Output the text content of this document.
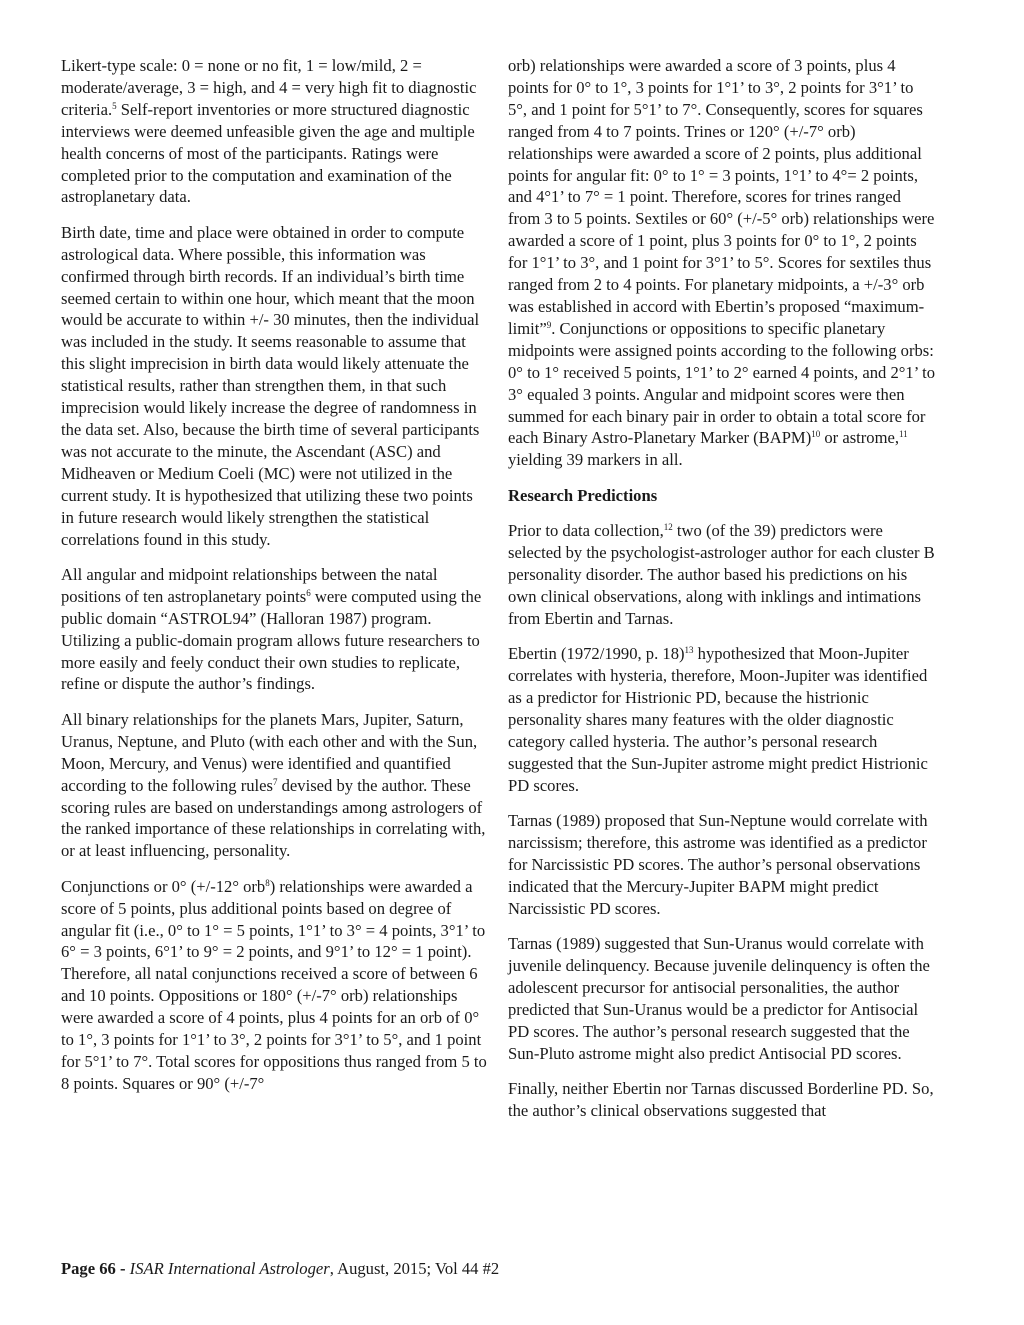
Likert-type scale: 0 = none or no fit, 1 = low/mild, 2 = moderate/average, 3 = high, and 4 = very high fit to diagnostic criteria.$^5$ Self-report inventories or more structured diagnostic interviews were deemed unfeasible given the age and multiple health concerns of most of the participants. Ratings were completed prior to the computation and examination of the astroplanetary data.

Birth date, time and place were obtained in order to compute astrological data. Where possible, this information was confirmed through birth records. If an individual’s birth time seemed certain to within one hour, which meant that the moon would be accurate to within +/- 30 minutes, then the individual was included in the study. It seems reasonable to assume that this slight imprecision in birth data would likely attenuate the statistical results, rather than strengthen them, in that such imprecision would likely increase the degree of randomness in the data set. Also, because the birth time of several participants was not accurate to the minute, the Ascendant (ASC) and Midheaven or Medium Coeli (MC) were not utilized in the current study. It is hypothesized that utilizing these two points in future research would likely strengthen the statistical correlations found in this study.

All angular and midpoint relationships between the natal positions of ten astroplanetary points$^6$ were computed using the public domain “ASTROL94” (Halloran 1987) program. Utilizing a public-domain program allows future researchers to more easily and feely conduct their own studies to replicate, refine or dispute the author’s findings.

All binary relationships for the planets Mars, Jupiter, Saturn, Uranus, Neptune, and Pluto (with each other and with the Sun, Moon, Mercury, and Venus) were identified and quantified according to the following rules$^7$ devised by the author. These scoring rules are based on understandings among astrologers of the ranked importance of these relationships in correlating with, or at least influencing, personality.

Conjunctions or 0° (+/-12° orb$^8$) relationships were awarded a score of 5 points, plus additional points based on degree of angular fit (i.e., 0° to 1° = 5 points, 1°1’ to 3° = 4 points, 3°1’ to 6° = 3 points, 6°1’ to 9° = 2 points, and 9°1’ to 12° = 1 point). Therefore, all natal conjunctions received a score of between 6 and 10 points. Oppositions or 180° (+/-7° orb) relationships were awarded a score of 4 points, plus 4 points for an orb of 0° to 1°, 3 points for 1°1’ to 3°, 2 points for 3°1’ to 5°, and 1 point for 5°1’ to 7°. Total scores for oppositions thus ranged from 5 to 8 points. Squares or 90° (+/-7°

orb) relationships were awarded a score of 3 points, plus 4 points for 0° to 1°, 3 points for 1°1’ to 3°, 2 points for 3°1’ to 5°, and 1 point for 5°1’ to 7°. Consequently, scores for squares ranged from 4 to 7 points. Trines or 120° (+/-7° orb) relationships were awarded a score of 2 points, plus additional points for angular fit: 0° to 1° = 3 points, 1°1’ to 4°= 2 points, and 4°1’ to 7° = 1 point. Therefore, scores for trines ranged from 3 to 5 points. Sextiles or 60° (+/-5° orb) relationships were awarded a score of 1 point, plus 3 points for 0° to 1°, 2 points for 1°1’ to 3°, and 1 point for 3°1’ to 5°. Scores for sextiles thus ranged from 2 to 4 points. For planetary midpoints, a +/-3° orb was established in accord with Ebertin’s proposed “maximum-limit”$^9$. Conjunctions or oppositions to specific planetary midpoints were assigned points according to the following orbs: 0° to 1° received 5 points, 1°1’ to 2° earned 4 points, and 2°1’ to 3° equaled 3 points. Angular and midpoint scores were then summed for each binary pair in order to obtain a total score for each Binary Astro-Planetary Marker (BAPM)$^{10}$ or astrome,$^{11}$ yielding 39 markers in all.

Research Predictions

Prior to data collection,$^{12}$ two (of the 39) predictors were selected by the psychologist-astrologer author for each cluster B personality disorder. The author based his predictions on his own clinical observations, along with inklings and intimations from Ebertin and Tarnas.

Ebertin (1972/1990, p. 18)$^{13}$ hypothesized that Moon-Jupiter correlates with hysteria, therefore, Moon-Jupiter was identified as a predictor for Histrionic PD, because the histrionic personality shares many features with the older diagnostic category called hysteria. The author’s personal research suggested that the Sun-Jupiter astrome might predict Histrionic PD scores.

Tarnas (1989) proposed that Sun-Neptune would correlate with narcissism; therefore, this astrome was identified as a predictor for Narcissistic PD scores. The author’s personal observations indicated that the Mercury-Jupiter BAPM might predict Narcissistic PD scores.

Tarnas (1989) suggested that Sun-Uranus would correlate with juvenile delinquency. Because juvenile delinquency is often the adolescent precursor for antisocial personalities, the author predicted that Sun-Uranus would be a predictor for Antisocial PD scores. The author’s personal research suggested that the Sun-Pluto astrome might also predict Antisocial PD scores.

Finally, neither Ebertin nor Tarnas discussed Borderline PD. So, the author’s clinical observations suggested that

Page 66 - ISAR International Astrologer, August, 2015; Vol 44 #2
